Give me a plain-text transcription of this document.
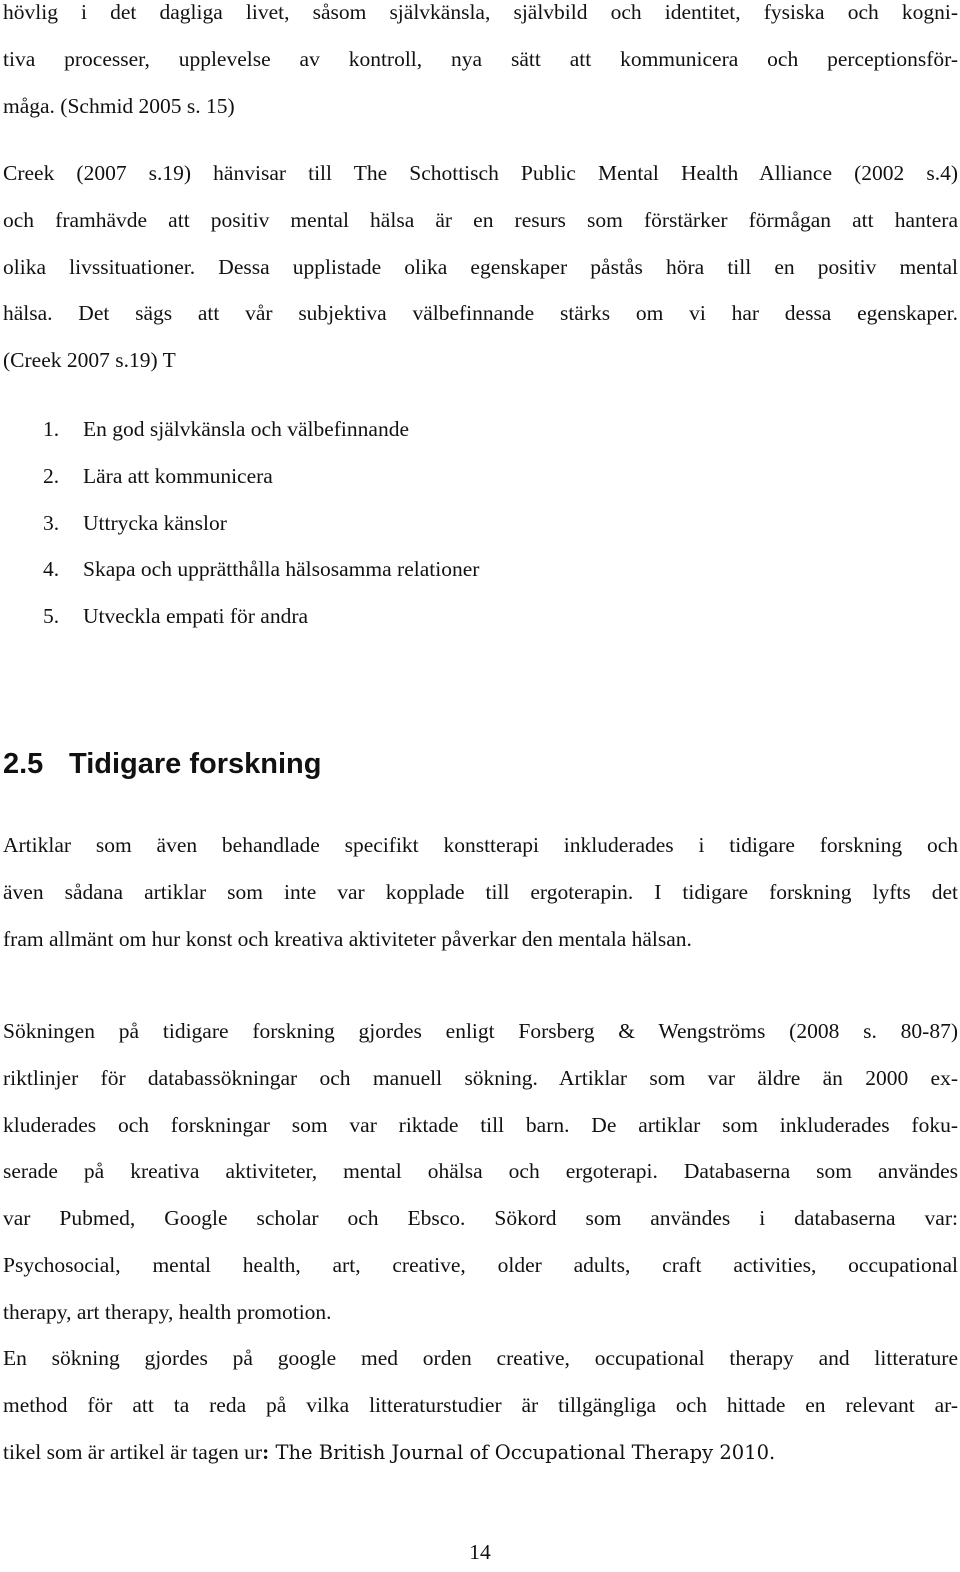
hövlig i det dagliga livet, såsom självkänsla, självbild och identitet, fysiska och kogni-
tiva processer, upplevelse av kontroll, nya sätt att kommunicera och perceptionsför-
måga. (Schmid 2005 s. 15)
Creek (2007 s.19) hänvisar till The Schottisch Public Mental Health Alliance (2002 s.4)
och framhävde att positiv mental hälsa är en resurs som förstärker förmågan att hantera
olika livssituationer. Dessa upplistade olika egenskaper påstås höra till en positiv mental
hälsa. Det sägs att vår subjektiva välbefinnande stärks om vi har dessa egenskaper.
(Creek 2007 s.19) T
1. En god självkänsla och välbefinnande
2. Lära att kommunicera
3. Uttrycka känslor
4. Skapa och upprätthålla hälsosamma relationer
5. Utveckla empati för andra
2.5 Tidigare forskning
Artiklar som även behandlade specifikt konstterapi inkluderades i tidigare forskning och
även sådana artiklar som inte var kopplade till ergoterapin. I tidigare forskning lyfts det
fram allmänt om hur konst och kreativa aktiviteter påverkar den mentala hälsan.
Sökningen på tidigare forskning gjordes enligt Forsberg & Wengströms (2008 s. 80-87)
riktlinjer för databassökningar och manuell sökning. Artiklar som var äldre än 2000 ex-
kluderades och forskningar som var riktade till barn. De artiklar som inkluderades foku-
serade på kreativa aktiviteter, mental ohälsa och ergoterapi. Databaserna som användes
var Pubmed, Google scholar och Ebsco. Sökord som användes i databaserna var:
Psychosocial, mental health, art, creative, older adults, craft activities, occupational
therapy, art therapy, health promotion.
En sökning gjordes på google med orden creative, occupational therapy and litterature
method för att ta reda på vilka litteraturstudier är tillgängliga och hittade en relevant ar-
tikel som är artikel är tagen ur: The British Journal of Occupational Therapy 2010.
14
